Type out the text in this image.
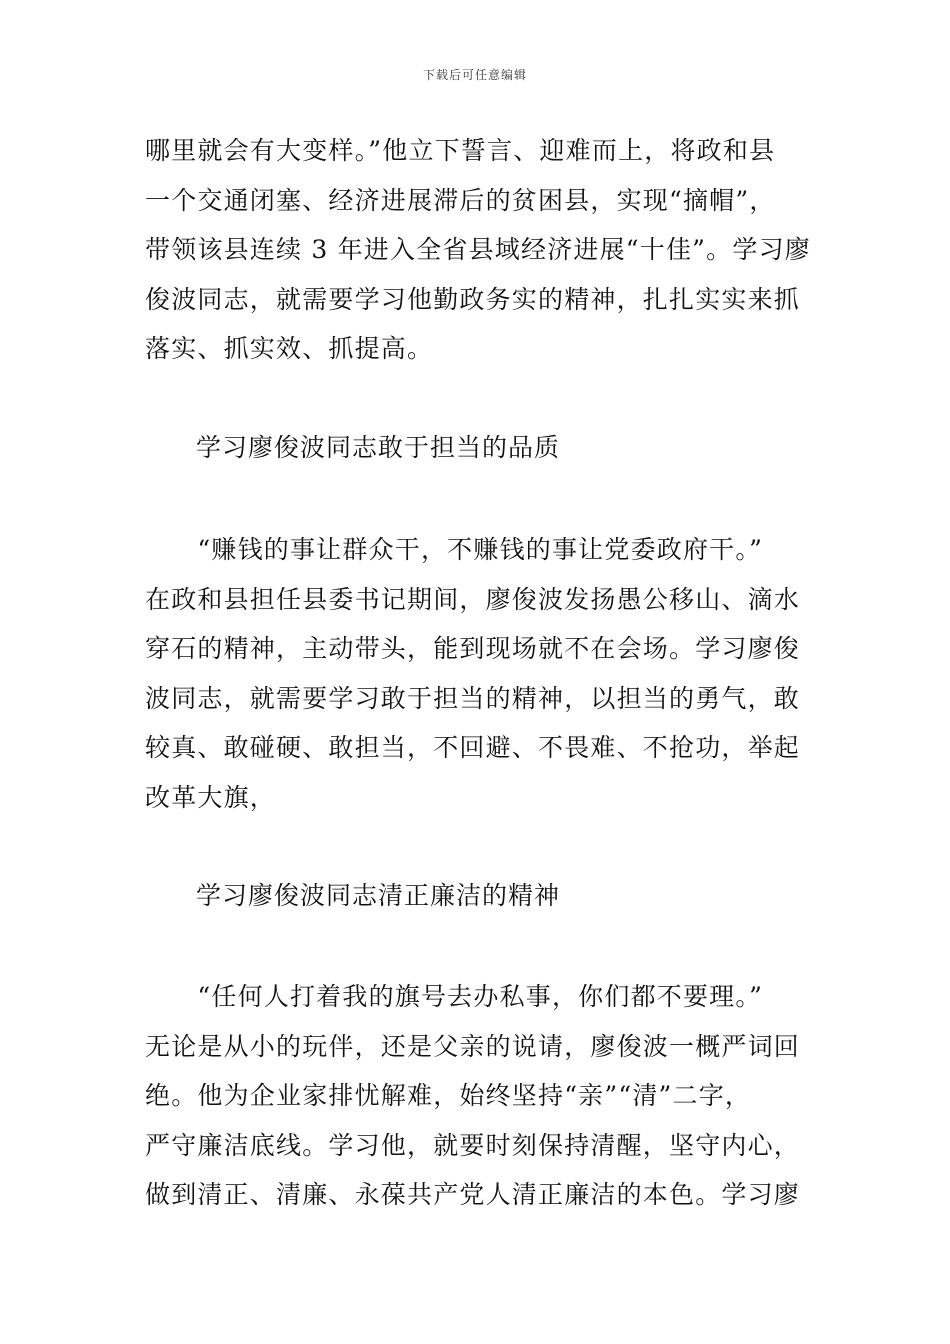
下载后可任意编辑
哪里就会有大变样。”他立下誓言、迎难而上，将政和县
一个交通闭塞、经济进展滞后的贫困县，实现“摘帽”，
带领该县连续 3 年进入全省县域经济进展“十佳”。学习廖
俊波同志，就需要学习他勤政务实的精神，扎扎实实来抓
落实、抓实效、抓提高。
学习廖俊波同志敢于担当的品质
　　“赚钱的事让群众干，不赚钱的事让党委政府干。”
在政和县担任县委书记期间，廖俊波发扬愚公移山、滴水
穿石的精神，主动带头，能到现场就不在会场。学习廖俊
波同志，就需要学习敢于担当的精神，以担当的勇气，敢
较真、敢碰硬、敢担当，不回避、不畏难、不抢功，举起
改革大旗，
学习廖俊波同志清正廉洁的精神
　　“任何人打着我的旗号去办私事，你们都不要理。”
无论是从小的玩伴，还是父亲的说请，廖俊波一概严词回
绝。他为企业家排忧解难，始终坚持“亲”“清”二字，
严守廉洁底线。学习他，就要时刻保持清醒，坚守内心，
做到清正、清廉、永葆共产党人清正廉洁的本色。学习廖
